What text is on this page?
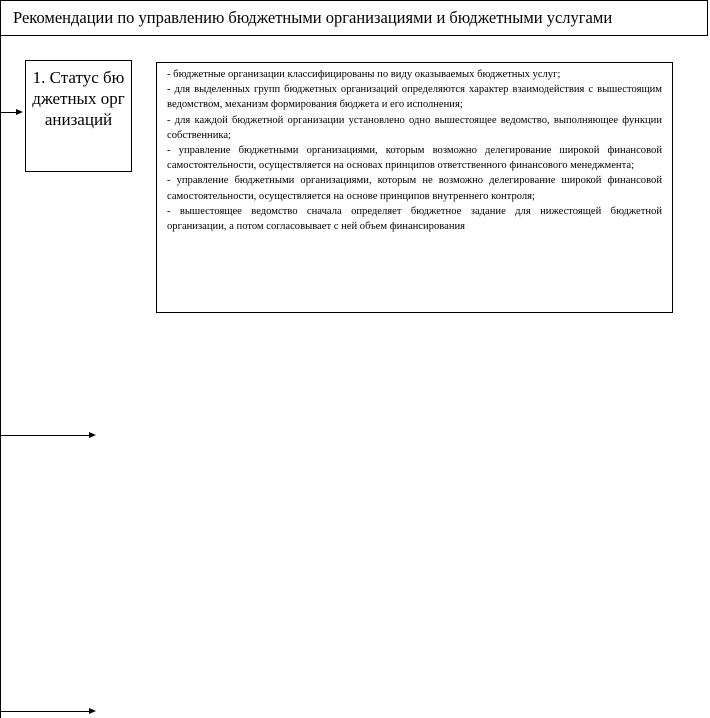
Рекомендации по управлению бюджетными организациями и бюджетными услугами
1. Статус бюджетных организаций

- бюджетные организации классифицированы по виду оказываемых бюджетных услуг;

- для выделенных групп бюджетных организаций определяются характер взаимодействия с вышестоящим ведомством, механизм формирования бюджета и его исполнения;

- для каждой бюджетной организации установлено одно вышестоящее ведомство, выполняющее функции собственника;

- управление бюджетными организациями, которым возможно делегирование широкой финансовой самостоятельности, осуществляется на основах принципов ответственного финансового менеджмента;

- управление бюджетными организациями, которым не возможно делегирование широкой финансовой самостоятельности, осуществляется на основе принципов внутреннего контроля;

- вышестоящее ведомство сначала определяет бюджетное задание для нижестоящей бюджетной организации, а потом согласовывает с ней объем финансирования
